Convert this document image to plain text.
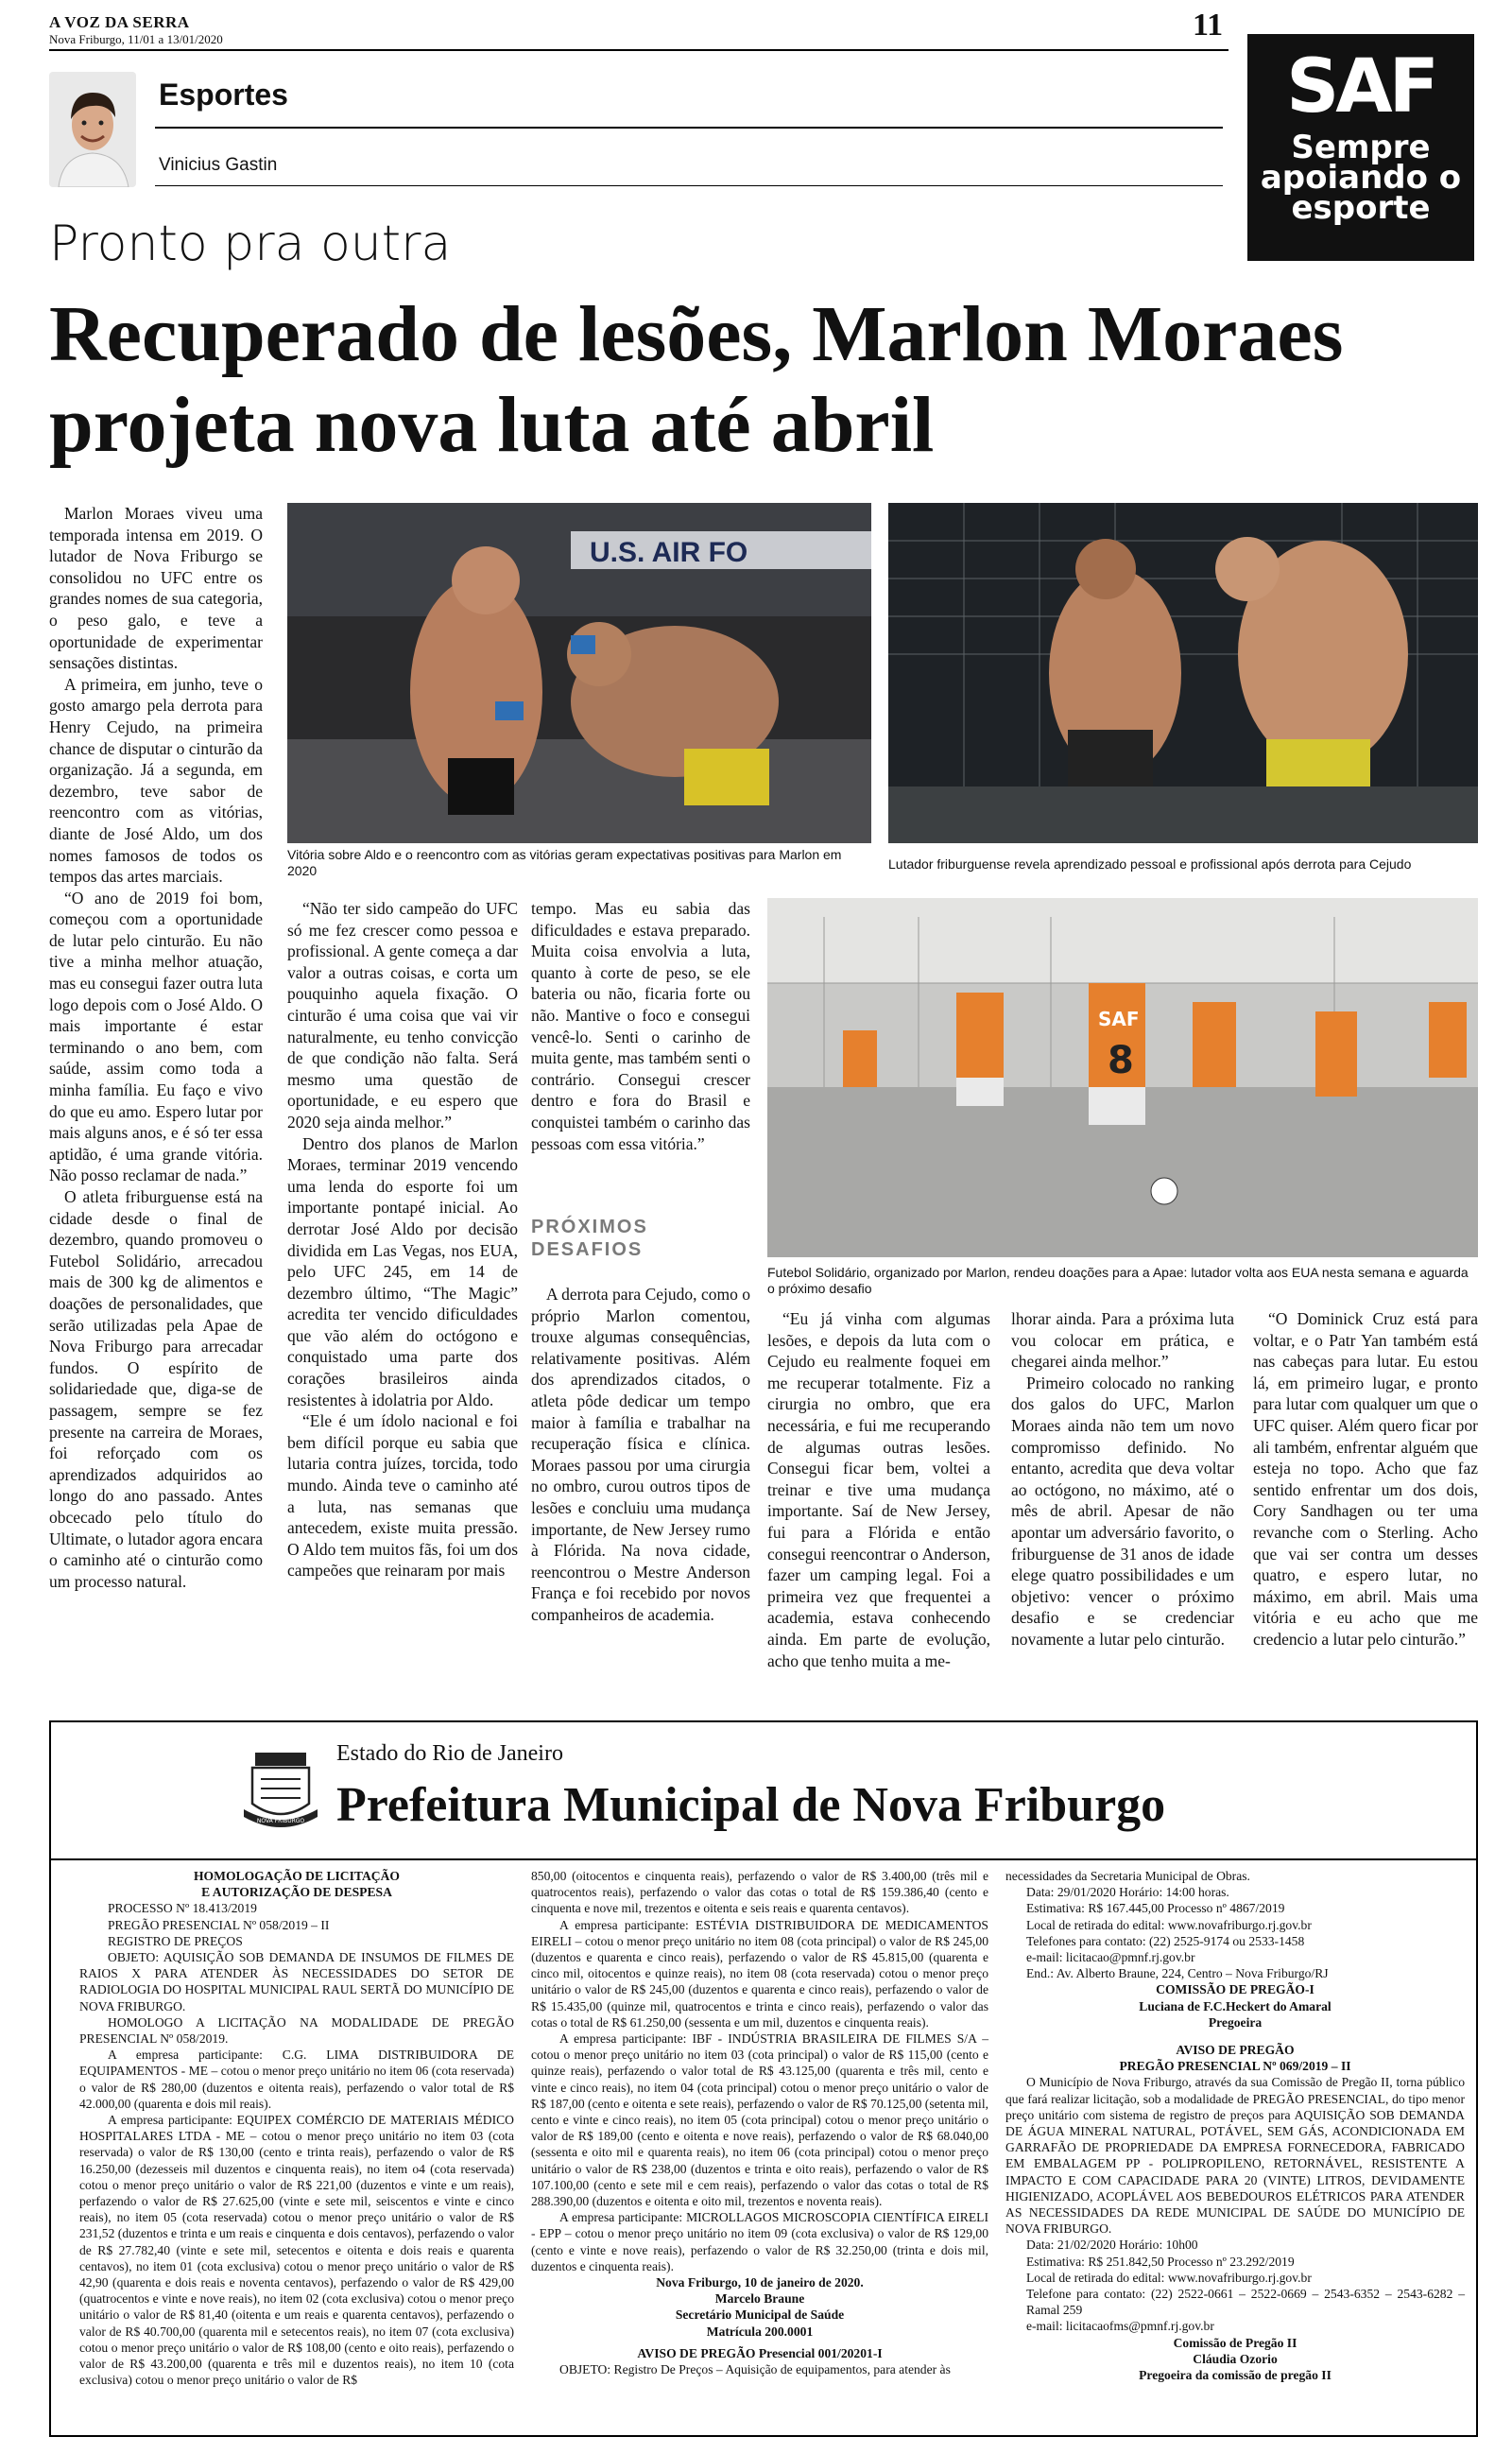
A VOZ DA SERRA
Nova Friburgo, 11/01 a 13/01/2020	11
Esportes
Vinicius Gastin
SAF
Sempre
apoiando o
esporte
Pronto pra outra
Recuperado de lesões, Marlon Moraes projeta nova luta até abril

Marlon Moraes viveu uma temporada intensa em 2019. O lutador de Nova Friburgo se consolidou no UFC entre os grandes nomes de sua categoria, o peso galo, e teve a oportunidade de experimentar sensações distintas.

A primeira, em junho, teve o gosto amargo pela derrota para Henry Cejudo, na primeira chance de disputar o cinturão da organização. Já a segunda, em dezembro, teve sabor de reencontro com as vitórias, diante de José Aldo, um dos nomes famosos de todos os tempos das artes marciais.

“O ano de 2019 foi bom, começou com a oportunidade de lutar pelo cinturão. Eu não tive a minha melhor atuação, mas eu consegui fazer outra luta logo depois com o José Aldo. O mais importante é estar terminando o ano bem, com saúde, assim como toda a minha família. Eu faço e vivo do que eu amo. Espero lutar por mais alguns anos, e é só ter essa aptidão, é uma grande vitória. Não posso reclamar de nada.”

O atleta friburguense está na cidade desde o final de dezembro, quando promoveu o Futebol Solidário, arrecadou mais de 300 kg de alimentos e doações de personalidades, que serão utilizadas pela Apae de Nova Friburgo para arrecadar fundos. O espírito de solidariedade que, diga-se de passagem, sempre se fez presente na carreira de Moraes, foi reforçado com os aprendizados adquiridos ao longo do ano passado. Antes obcecado pelo título do Ultimate, o lutador agora encara o caminho até o cinturão como um processo natural.

U.S. AIR FO
Vitória sobre Aldo e o reencontro com as vitórias geram expectativas positivas para Marlon em 2020	Lutador friburguense revela aprendizado pessoal e profissional após derrota para Cejudo

“Não ter sido campeão do UFC só me fez crescer como pessoa e profissional. A gente começa a dar valor a outras coisas, e corta um pouquinho aquela fixação. O cinturão é uma coisa que vai vir naturalmente, eu tenho convicção de que condição não falta. Será mesmo uma questão de oportunidade, e eu espero que 2020 seja ainda melhor.”

Dentro dos planos de Marlon Moraes, terminar 2019 vencendo uma lenda do esporte foi um importante pontapé inicial. Ao derrotar José Aldo por decisão dividida em Las Vegas, nos EUA, pelo UFC 245, em 14 de dezembro último, “The Magic” acredita ter vencido dificuldades que vão além do octógono e conquistado uma parte dos corações brasileiros ainda resistentes à idolatria por Aldo.

“Ele é um ídolo nacional e foi bem difícil porque eu sabia que lutaria contra juízes, torcida, todo mundo. Ainda teve o caminho até a luta, nas semanas que antecedem, existe muita pressão. O Aldo tem muitos fãs, foi um dos campeões que reinaram por mais

tempo. Mas eu sabia das dificuldades e estava preparado. Muita coisa envolvia a luta, quanto à corte de peso, se ele bateria ou não, ficaria forte ou não. Mantive o foco e consegui vencê-lo. Senti o carinho de muita gente, mas também senti o contrário. Consegui crescer dentro e fora do Brasil e conquistei também o carinho das pessoas com essa vitória.”

PRÓXIMOS DESAFIOS

A derrota para Cejudo, como o próprio Marlon comentou, trouxe algumas consequências, relativamente positivas. Além dos aprendizados citados, o atleta pôde dedicar um tempo maior à família e trabalhar na recuperação física e clínica. Moraes passou por uma cirurgia no ombro, curou outros tipos de lesões e concluiu uma mudança importante, de New Jersey rumo à Flórida. Na nova cidade, reencontrou o Mestre Anderson França e foi recebido por novos companheiros de academia.

SAF
8
Futebol Solidário, organizado por Marlon, rendeu doações para a Apae: lutador volta aos EUA nesta semana e aguarda o próximo desafio

“Eu já vinha com algumas lesões, e depois da luta com o Cejudo eu realmente foquei em me recuperar totalmente. Fiz a cirurgia no ombro, que era necessária, e fui me recuperando de algumas outras lesões. Consegui ficar bem, voltei a treinar e tive uma mudança importante. Saí de New Jersey, fui para a Flórida e então consegui reencontrar o Anderson, fazer um camping legal. Foi a primeira vez que frequentei a academia, estava conhecendo ainda. Em parte de evolução, acho que tenho muita a me-

lhorar ainda. Para a próxima luta vou colocar em prática, e chegarei ainda melhor.”

Primeiro colocado no ranking dos galos do UFC, Marlon Moraes ainda não tem um novo compromisso definido. No entanto, acredita que deva voltar ao octógono, no máximo, até o mês de abril. Apesar de não apontar um adversário favorito, o friburguense de 31 anos de idade elege quatro possibilidades e um objetivo: vencer o próximo desafio e se credenciar novamente a lutar pelo cinturão.

“O Dominick Cruz está para voltar, e o Patr Yan também está nas cabeças para lutar. Eu estou lá, em primeiro lugar, e pronto para lutar com qualquer um que o UFC quiser. Além quero ficar por ali também, enfrentar alguém que esteja no topo. Acho que faz sentido enfrentar um dos dois, Cory Sandhagen ou ter uma revanche com o Sterling. Acho que vai ser contra um desses quatro, e espero lutar, no máximo, em abril. Mais uma vitória e eu acho que me credencio a lutar pelo cinturão.”

NOVA FRIBURGO
Estado do Rio de Janeiro
Prefeitura Municipal de Nova Friburgo

HOMOLOGAÇÃO DE LICITAÇÃO

E AUTORIZAÇÃO DE DESPESA

PROCESSO Nº 18.413/2019

PREGÃO PRESENCIAL Nº 058/2019 – II

REGISTRO DE PREÇOS

OBJETO: AQUISIÇÃO SOB DEMANDA DE INSUMOS DE FILMES DE RAIOS X PARA ATENDER ÀS NECESSIDADES DO SETOR DE RADIOLOGIA DO HOSPITAL MUNICIPAL RAUL SERTÃ DO MUNICÍPIO DE NOVA FRIBURGO.

HOMOLOGO A LICITAÇÃO NA MODALIDADE DE PREGÃO PRESENCIAL Nº 058/2019.

A empresa participante: C.G. LIMA DISTRIBUIDORA DE EQUIPAMENTOS - ME – cotou o menor preço unitário no item 06 (cota reservada) o valor de R$ 280,00 (duzentos e oitenta reais), perfazendo o valor total de R$ 42.000,00 (quarenta e dois mil reais).

A empresa participante: EQUIPEX COMÉRCIO DE MATERIAIS MÉDICO HOSPITALARES LTDA - ME – cotou o menor preço unitário no item 03 (cota reservada) o valor de R$ 130,00 (cento e trinta reais), perfazendo o valor de R$ 16.250,00 (dezesseis mil duzentos e cinquenta reais), no item o4 (cota reservada) cotou o menor preço unitário o valor de R$ 221,00 (duzentos e vinte e um reais), perfazendo o valor de R$ 27.625,00 (vinte e sete mil, seiscentos e vinte e cinco reais), no item 05 (cota reservada) cotou o menor preço unitário o valor de R$ 231,52 (duzentos e trinta e um reais e cinquenta e dois centavos), perfazendo o valor de R$ 27.782,40 (vinte e sete mil, setecentos e oitenta e dois reais e quarenta centavos), no item 01 (cota exclusiva) cotou o menor preço unitário o valor de R$ 42,90 (quarenta e dois reais e noventa centavos), perfazendo o valor de R$ 429,00 (quatrocentos e vinte e nove reais), no item 02 (cota exclusiva) cotou o menor preço unitário o valor de R$ 81,40 (oitenta e um reais e quarenta centavos), perfazendo o valor de R$ 40.700,00 (quarenta mil e setecentos reais), no item 07 (cota exclusiva) cotou o menor preço unitário o valor de R$ 108,00 (cento e oito reais), perfazendo o valor de R$ 43.200,00 (quarenta e três mil e duzentos reais), no item 10 (cota exclusiva) cotou o menor preço unitário o valor de R$

850,00 (oitocentos e cinquenta reais), perfazendo o valor de R$ 3.400,00 (três mil e quatrocentos reais), perfazendo o valor das cotas o total de R$ 159.386,40 (cento e cinquenta e nove mil, trezentos e oitenta e seis reais e quarenta centavos).

A empresa participante: ESTÉVIA DISTRIBUIDORA DE MEDICAMENTOS EIRELI – cotou o menor preço unitário no item 08 (cota principal) o valor de R$ 245,00 (duzentos e quarenta e cinco reais), perfazendo o valor de R$ 45.815,00 (quarenta e cinco mil, oitocentos e quinze reais), no item 08 (cota reservada) cotou o menor preço unitário o valor de R$ 245,00 (duzentos e quarenta e cinco reais), perfazendo o valor de R$ 15.435,00 (quinze mil, quatrocentos e trinta e cinco reais), perfazendo o valor das cotas o total de R$ 61.250,00 (sessenta e um mil, duzentos e cinquenta reais).

A empresa participante: IBF - INDÚSTRIA BRASILEIRA DE FILMES S/A – cotou o menor preço unitário no item 03 (cota principal) o valor de R$ 115,00 (cento e quinze reais), perfazendo o valor total de R$ 43.125,00 (quarenta e três mil, cento e vinte e cinco reais), no item 04 (cota principal) cotou o menor preço unitário o valor de R$ 187,00 (cento e oitenta e sete reais), perfazendo o valor de R$ 70.125,00 (setenta mil, cento e vinte e cinco reais), no item 05 (cota principal) cotou o menor preço unitário o valor de R$ 189,00 (cento e oitenta e nove reais), perfazendo o valor de R$ 68.040,00 (sessenta e oito mil e quarenta reais), no item 06 (cota principal) cotou o menor preço unitário o valor de R$ 238,00 (duzentos e trinta e oito reais), perfazendo o valor de R$ 107.100,00 (cento e sete mil e cem reais), perfazendo o valor das cotas o total de R$ 288.390,00 (duzentos e oitenta e oito mil, trezentos e noventa reais).

A empresa participante: MICROLLAGOS MICROSCOPIA CIENTÍFICA EIRELI - EPP – cotou o menor preço unitário no item 09 (cota exclusiva) o valor de R$ 129,00 (cento e vinte e nove reais), perfazendo o valor de R$ 32.250,00 (trinta e dois mil, duzentos e cinquenta reais).

Nova Friburgo, 10 de janeiro de 2020.

Marcelo Braune

Secretário Municipal de Saúde

Matrícula 200.0001

AVISO DE PREGÃO Presencial 001/20201-I

OBJETO: Registro De Preços – Aquisição de equipamentos, para atender às

necessidades da Secretaria Municipal de Obras.

Data: 29/01/2020 Horário: 14:00 horas.

Estimativa: R$ 167.445,00 Processo nº 4867/2019

Local de retirada do edital: www.novafriburgo.rj.gov.br

Telefones para contato: (22) 2525-9174 ou 2533-1458

e-mail: licitacao@pmnf.rj.gov.br

End.: Av. Alberto Braune, 224, Centro – Nova Friburgo/RJ

COMISSÃO DE PREGÃO-I

Luciana de F.C.Heckert do Amaral

Pregoeira

AVISO DE PREGÃO

PREGÃO PRESENCIAL Nº 069/2019 – II

O Município de Nova Friburgo, através da sua Comissão de Pregão II, torna público que fará realizar licitação, sob a modalidade de PREGÃO PRESENCIAL, do tipo menor preço unitário com sistema de registro de preços para AQUISIÇÃO SOB DEMANDA DE ÁGUA MINERAL NATURAL, POTÁVEL, SEM GÁS, ACONDICIONADA EM GARRAFÃO DE PROPRIEDADE DA EMPRESA FORNECEDORA, FABRICADO EM EMBALAGEM PP - POLIPROPILENO, RETORNÁVEL, RESISTENTE A IMPACTO E COM CAPACIDADE PARA 20 (VINTE) LITROS, DEVIDAMENTE HIGIENIZADO, ACOPLÁVEL AOS BEBEDOUROS ELÉTRICOS PARA ATENDER AS NECESSIDADES DA REDE MUNICIPAL DE SAÚDE DO MUNICÍPIO DE NOVA FRIBURGO.

Data: 21/02/2020 Horário: 10h00

Estimativa: R$ 251.842,50 Processo nº 23.292/2019

Local de retirada do edital: www.novafriburgo.rj.gov.br

Telefone para contato: (22) 2522-0661 – 2522-0669 – 2543-6352 – 2543-6282 – Ramal 259

e-mail: licitacaofms@pmnf.rj.gov.br

Comissão de Pregão II

Cláudia Ozorio

Pregoeira da comissão de pregão II
